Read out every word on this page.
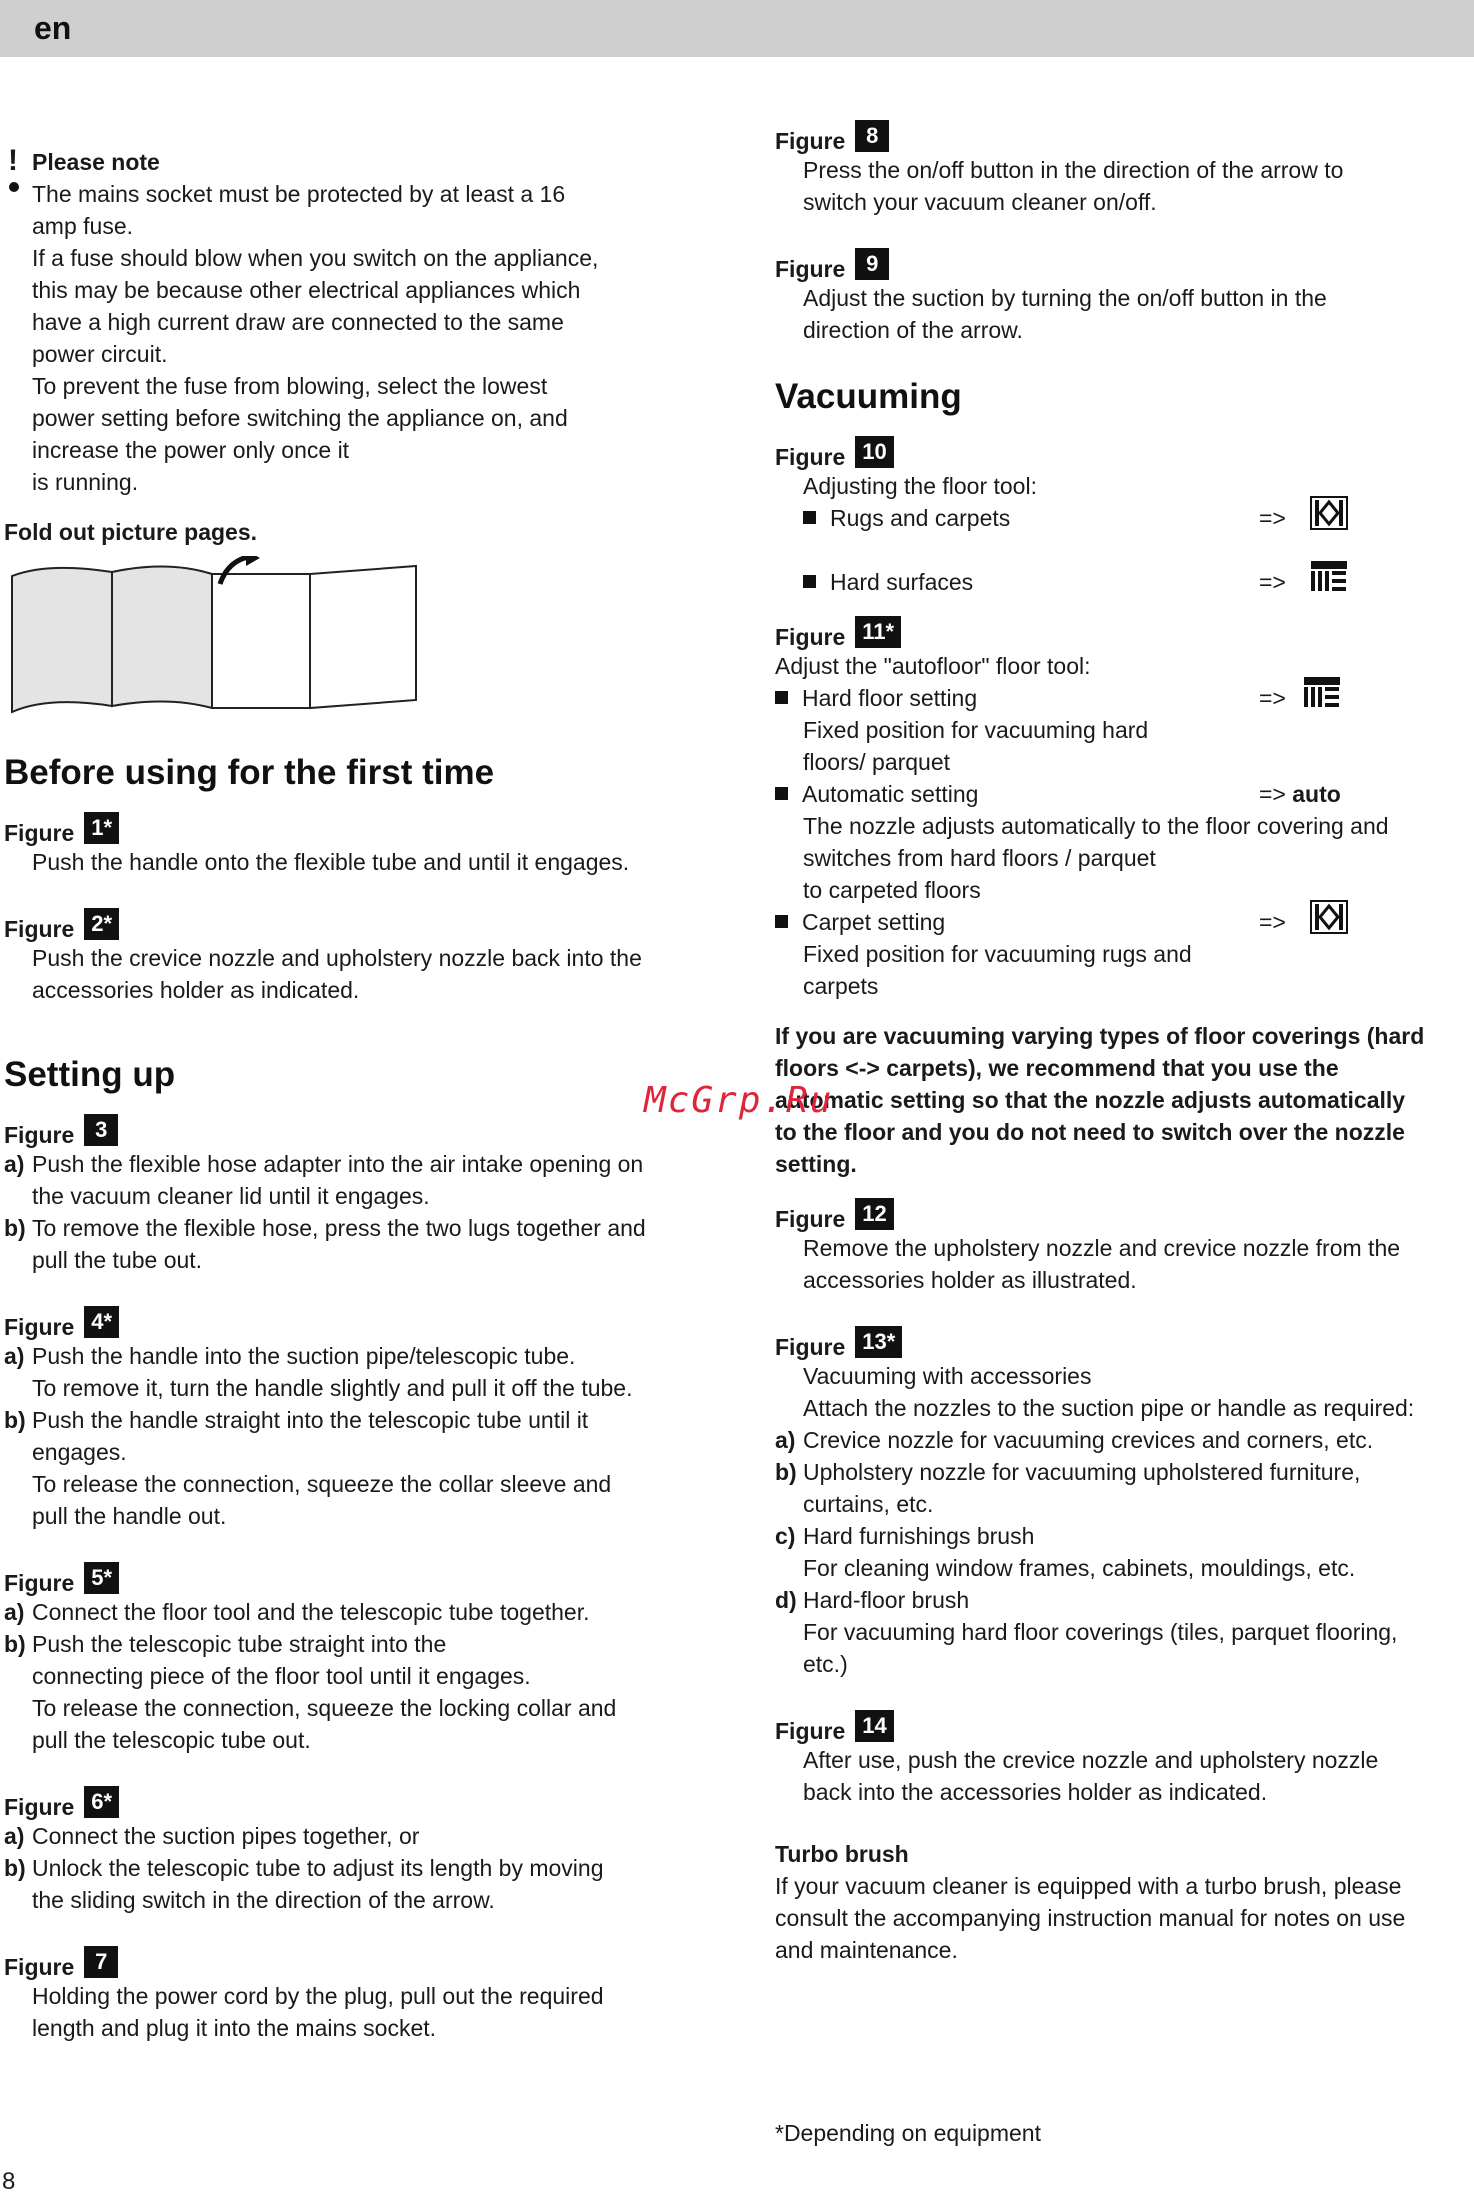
en
! Please note

The mains socket must be protected by at least a 16

amp fuse.

If a fuse should blow when you switch on the appliance,

this may be because other electrical appliances which

have a high current draw are connected to the same

power circuit.

To prevent the fuse from blowing, select the lowest

power setting before switching the appliance on, and

increase the power only once it

is running.

Fold out picture pages.

Before using for the first time

Figure 1*

Push the handle onto the flexible tube and until it engages.

Figure 2*

Push the crevice nozzle and upholstery nozzle back into the

accessories holder as indicated.

Setting up

Figure 3

a) Push the flexible hose adapter into the air intake opening on

the vacuum cleaner lid until it engages.

b) To remove the flexible hose, press the two lugs together and

pull the tube out.

Figure 4*

a) Push the handle into the suction pipe/telescopic tube.

To remove it, turn the handle slightly and pull it off the tube.

b) Push the handle straight into the telescopic tube until it

engages.

To release the connection, squeeze the collar sleeve and

pull the handle out.

Figure 5*

a) Connect the floor tool and the telescopic tube together.

b) Push the telescopic tube straight into the

connecting piece of the floor tool until it engages.

To release the connection, squeeze the locking collar and

pull the telescopic tube out.

Figure 6*

a) Connect the suction pipes together, or

b) Unlock the telescopic tube to adjust its length by moving

the sliding switch in the direction of the arrow.

Figure 7

Holding the power cord by the plug, pull out the required

length and plug it into the mains socket.

Figure 8

Press the on/off button in the direction of the arrow to

switch your vacuum cleaner on/off.

Figure 9

Adjust the suction by turning the on/off button in the

direction of the arrow.

Vacuuming

Figure 10

Adjusting the floor tool:

Rugs and carpets	=>

Hard surfaces	=>

Figure 11*

Adjust the "autofloor" floor tool:

Hard floor setting	=>

Fixed position for vacuuming hard

floors/ parquet

Automatic setting	=> auto

The nozzle adjusts automatically to the floor covering and

switches from hard floors / parquet

to carpeted floors

Carpet setting	=>

Fixed position for vacuuming rugs and

carpets

If you are vacuuming varying types of floor coverings (hard

floors <-> carpets), we recommend that you use the

automatic setting so that the nozzle adjusts automatically

to the floor and you do not need to switch over the nozzle

setting.

Figure 12

Remove the upholstery nozzle and crevice nozzle from the

accessories holder as illustrated.

Figure 13*

Vacuuming with accessories

Attach the nozzles to the suction pipe or handle as required:

a) Crevice nozzle for vacuuming crevices and corners, etc.

b) Upholstery nozzle for vacuuming upholstered furniture,

curtains, etc.

c) Hard furnishings brush

For cleaning window frames, cabinets, mouldings, etc.

d) Hard-floor brush

For vacuuming hard floor coverings (tiles, parquet flooring,

etc.)

Figure 14

After use, push the crevice nozzle and upholstery nozzle

back into the accessories holder as indicated.

Turbo brush

If your vacuum cleaner is equipped with a turbo brush, please

consult the accompanying instruction manual for notes on use

and maintenance.

*Depending on equipment
8
McGrp.Ru
